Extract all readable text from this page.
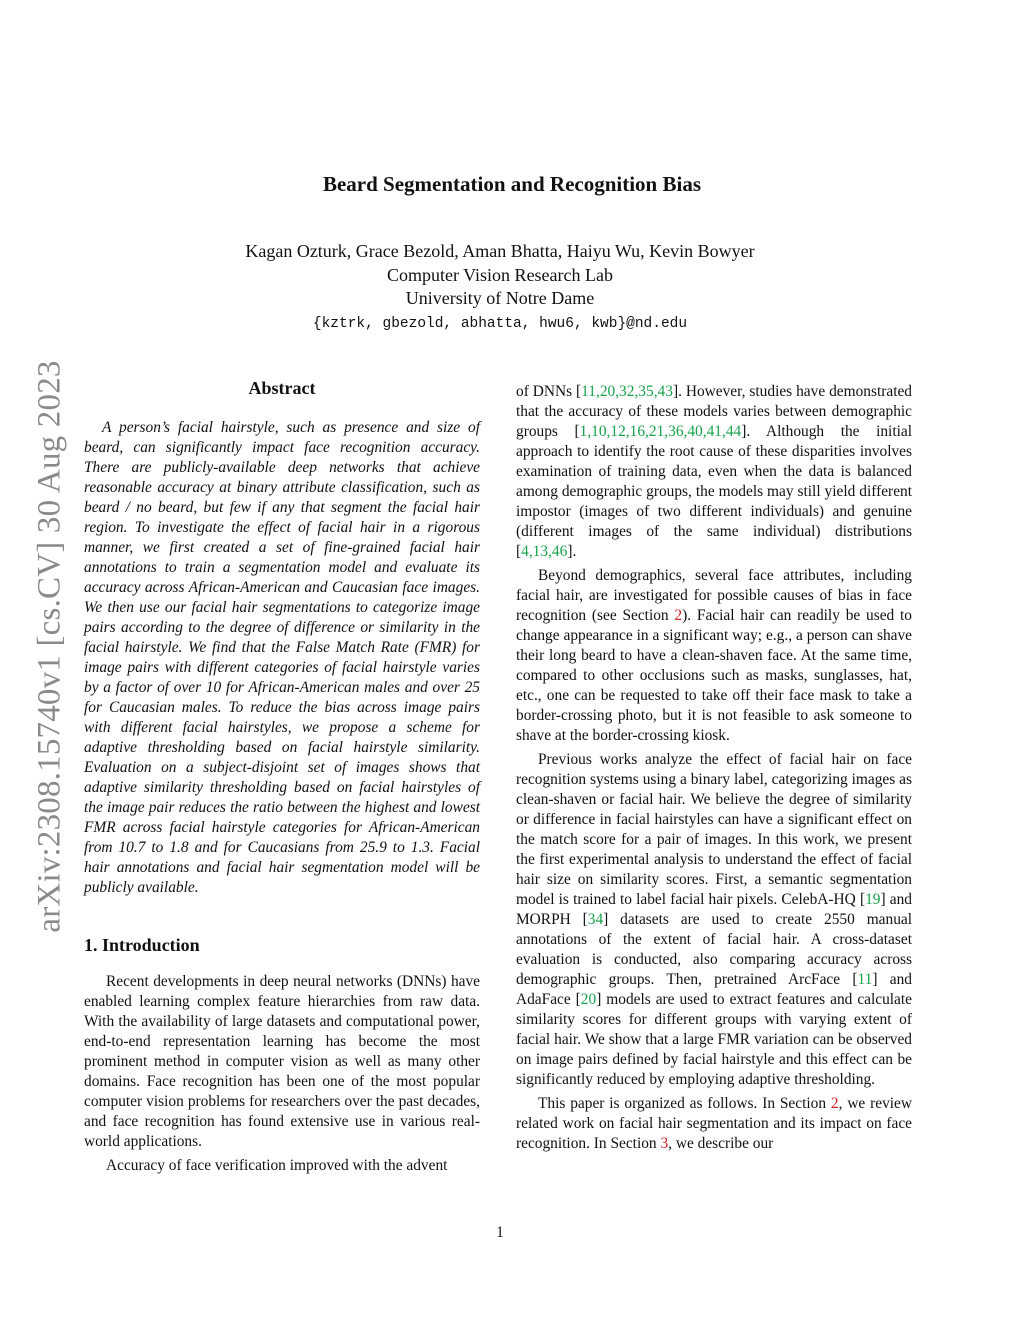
arXiv:2308.15740v1 [cs.CV] 30 Aug 2023
Beard Segmentation and Recognition Bias
Kagan Ozturk, Grace Bezold, Aman Bhatta, Haiyu Wu, Kevin Bowyer
Computer Vision Research Lab
University of Notre Dame
{kztrk, gbezold, abhatta, hwu6, kwb}@nd.edu
Abstract

A person’s facial hairstyle, such as presence and size of beard, can significantly impact face recognition accuracy. There are publicly-available deep networks that achieve reasonable accuracy at binary attribute classification, such as beard / no beard, but few if any that segment the facial hair region. To investigate the effect of facial hair in a rigorous manner, we first created a set of fine-grained facial hair annotations to train a segmentation model and evaluate its accuracy across African-American and Caucasian face images. We then use our facial hair segmentations to categorize image pairs according to the degree of difference or similarity in the facial hairstyle. We find that the False Match Rate (FMR) for image pairs with different categories of facial hairstyle varies by a factor of over 10 for African-American males and over 25 for Caucasian males. To reduce the bias across image pairs with different facial hairstyles, we propose a scheme for adaptive thresholding based on facial hairstyle similarity. Evaluation on a subject-disjoint set of images shows that adaptive similarity thresholding based on facial hairstyles of the image pair reduces the ratio between the highest and lowest FMR across facial hairstyle categories for African-American from 10.7 to 1.8 and for Caucasians from 25.9 to 1.3. Facial hair annotations and facial hair segmentation model will be publicly available.

1. Introduction

Recent developments in deep neural networks (DNNs) have enabled learning complex feature hierarchies from raw data. With the availability of large datasets and computational power, end-to-end representation learning has become the most prominent method in computer vision as well as many other domains. Face recognition has been one of the most popular computer vision problems for researchers over the past decades, and face recognition has found extensive use in various real-world applications.

Accuracy of face verification improved with the advent

of DNNs [11,20,32,35,43]. However, studies have demonstrated that the accuracy of these models varies between demographic groups [1,10,12,16,21,36,40,41,44]. Although the initial approach to identify the root cause of these disparities involves examination of training data, even when the data is balanced among demographic groups, the models may still yield different impostor (images of two different individuals) and genuine (different images of the same individual) distributions [4,13,46].

Beyond demographics, several face attributes, including facial hair, are investigated for possible causes of bias in face recognition (see Section 2). Facial hair can readily be used to change appearance in a significant way; e.g., a person can shave their long beard to have a clean-shaven face. At the same time, compared to other occlusions such as masks, sunglasses, hat, etc., one can be requested to take off their face mask to take a border-crossing photo, but it is not feasible to ask someone to shave at the border-crossing kiosk.

Previous works analyze the effect of facial hair on face recognition systems using a binary label, categorizing images as clean-shaven or facial hair. We believe the degree of similarity or difference in facial hairstyles can have a significant effect on the match score for a pair of images. In this work, we present the first experimental analysis to understand the effect of facial hair size on similarity scores. First, a semantic segmentation model is trained to label facial hair pixels. CelebA-HQ [19] and MORPH [34] datasets are used to create 2550 manual annotations of the extent of facial hair. A cross-dataset evaluation is conducted, also comparing accuracy across demographic groups. Then, pretrained ArcFace [11] and AdaFace [20] models are used to extract features and calculate similarity scores for different groups with varying extent of facial hair. We show that a large FMR variation can be observed on image pairs defined by facial hairstyle and this effect can be significantly reduced by employing adaptive thresholding.

This paper is organized as follows. In Section 2, we review related work on facial hair segmentation and its impact on face recognition. In Section 3, we describe our

1
